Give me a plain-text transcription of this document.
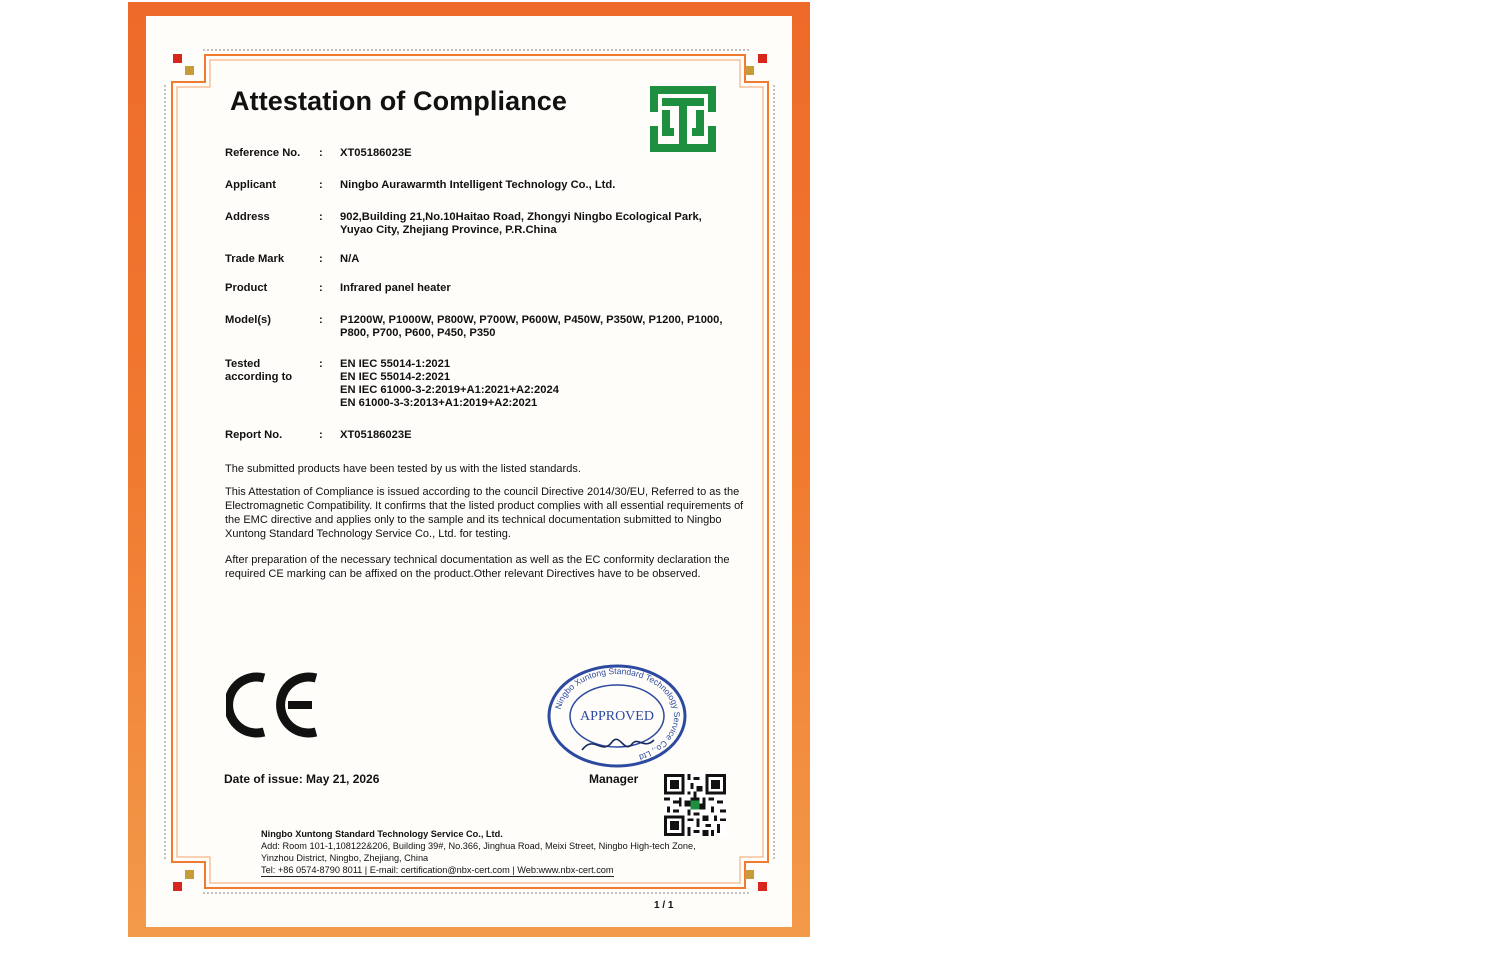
Attestation of Compliance
Reference No.	: XT05186023E
Applicant	: Ningbo Aurawarmth Intelligent Technology Co., Ltd.
Address	: 902,Building 21,No.10Haitao Road, Zhongyi Ningbo Ecological Park, Yuyao City, Zhejiang Province, P.R.China
Trade Mark	: N/A
Product	: Infrared panel heater
Model(s)	: P1200W, P1000W, P800W, P700W, P600W, P450W, P350W, P1200, P1000, P800, P700, P600, P450, P350
Tested according to
: EN IEC 55014-1:2021
EN IEC 55014-2:2021
EN IEC 61000-3-2:2019+A1:2021+A2:2024
EN 61000-3-3:2013+A1:2019+A2:2021
Report No.	: XT05186023E
The submitted products have been tested by us with the listed standards.
This Attestation of Compliance is issued according to the council Directive 2014/30/EU, Referred to as the Electromagnetic Compatibility. It confirms that the listed product complies with all essential requirements of the EMC directive and applies only to the sample and its technical documentation submitted to Ningbo Xuntong Standard Technology Service Co., Ltd. for testing.
After preparation of the necessary technical documentation as well as the EC conformity declaration the required CE marking can be affixed on the product.Other relevant Directives have to be observed.
Ningbo Xuntong Standard Technology Service Co., Ltd
APPROVED
Date of issue: May 21, 2026	Manager
Ningbo Xuntong Standard Technology Service Co., Ltd.
Add: Room 101-1,108122&206, Building 39#, No.366, Jinghua Road, Meixi Street, Ningbo High-tech Zone, Yinzhou District, Ningbo, Zhejiang, China
Tel: +86 0574-8790 8011 | E-mail: certification@nbx-cert.com | Web:www.nbx-cert.com
1 / 1
